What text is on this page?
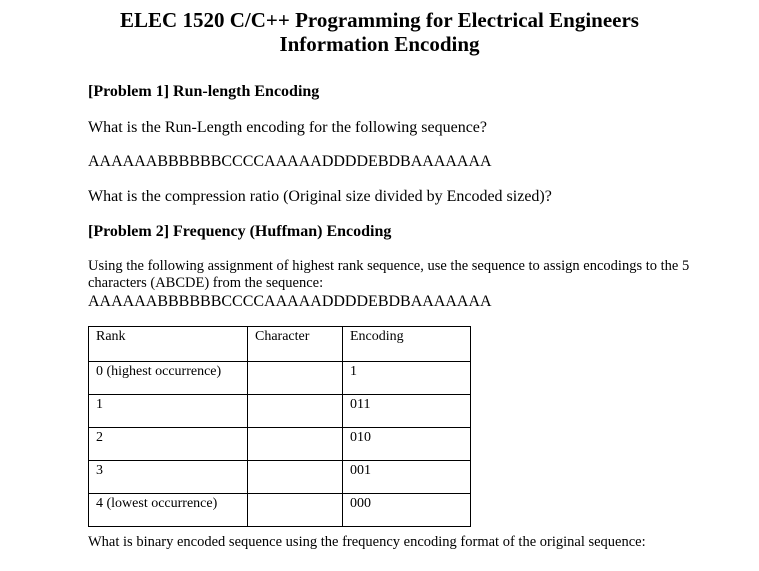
ELEC 1520 C/C++ Programming for Electrical Engineers
Information Encoding
[Problem 1] Run-length Encoding
What is the Run-Length encoding for the following sequence?
AAAAAABBBBBBCCCCAAAAADDDDEBDBAAAAAAA
What is the compression ratio (Original size divided by Encoded sized)?
[Problem 2] Frequency (Huffman) Encoding
Using the following assignment of highest rank sequence, use the sequence to assign encodings to the 5 characters (ABCDE) from the sequence:
AAAAAABBBBBBCCCCAAAAADDDDEBDBAAAAAAA
Rank	Character	Encoding
0 (highest occurrence)		1
1		011
2		010
3		001
4 (lowest occurrence)		000
What is binary encoded sequence using the frequency encoding format of the original sequence:
